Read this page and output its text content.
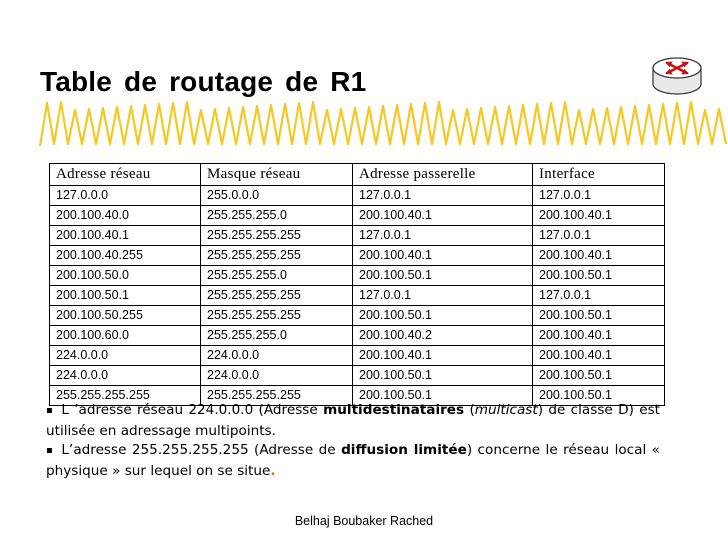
Table de routage de R1
Adresse réseau	Masque réseau	Adresse passerelle	Interface
127.0.0.0	255.0.0.0	127.0.0.1	127.0.0.1
200.100.40.0	255.255.255.0	200.100.40.1	200.100.40.1
200.100.40.1	255.255.255.255	127.0.0.1	127.0.0.1
200.100.40.255	255.255.255.255	200.100.40.1	200.100.40.1
200.100.50.0	255.255.255.0	200.100.50.1	200.100.50.1
200.100.50.1	255.255.255.255	127.0.0.1	127.0.0.1
200.100.50.255	255.255.255.255	200.100.50.1	200.100.50.1
200.100.60.0	255.255.255.0	200.100.40.2	200.100.40.1
224.0.0.0	224.0.0.0	200.100.40.1	200.100.40.1
224.0.0.0	224.0.0.0	200.100.50.1	200.100.50.1
255.255.255.255	255.255.255.255	200.100.50.1	200.100.50.1
▪ L ’adresse réseau 224.0.0.0 (Adresse multidestinataires (multicast) de classe D) est utilisée en adressage multipoints.
▪ L’adresse 255.255.255.255 (Adresse de diffusion limitée) concerne le réseau local « physique » sur lequel on se situe.
Belhaj Boubaker Rached
